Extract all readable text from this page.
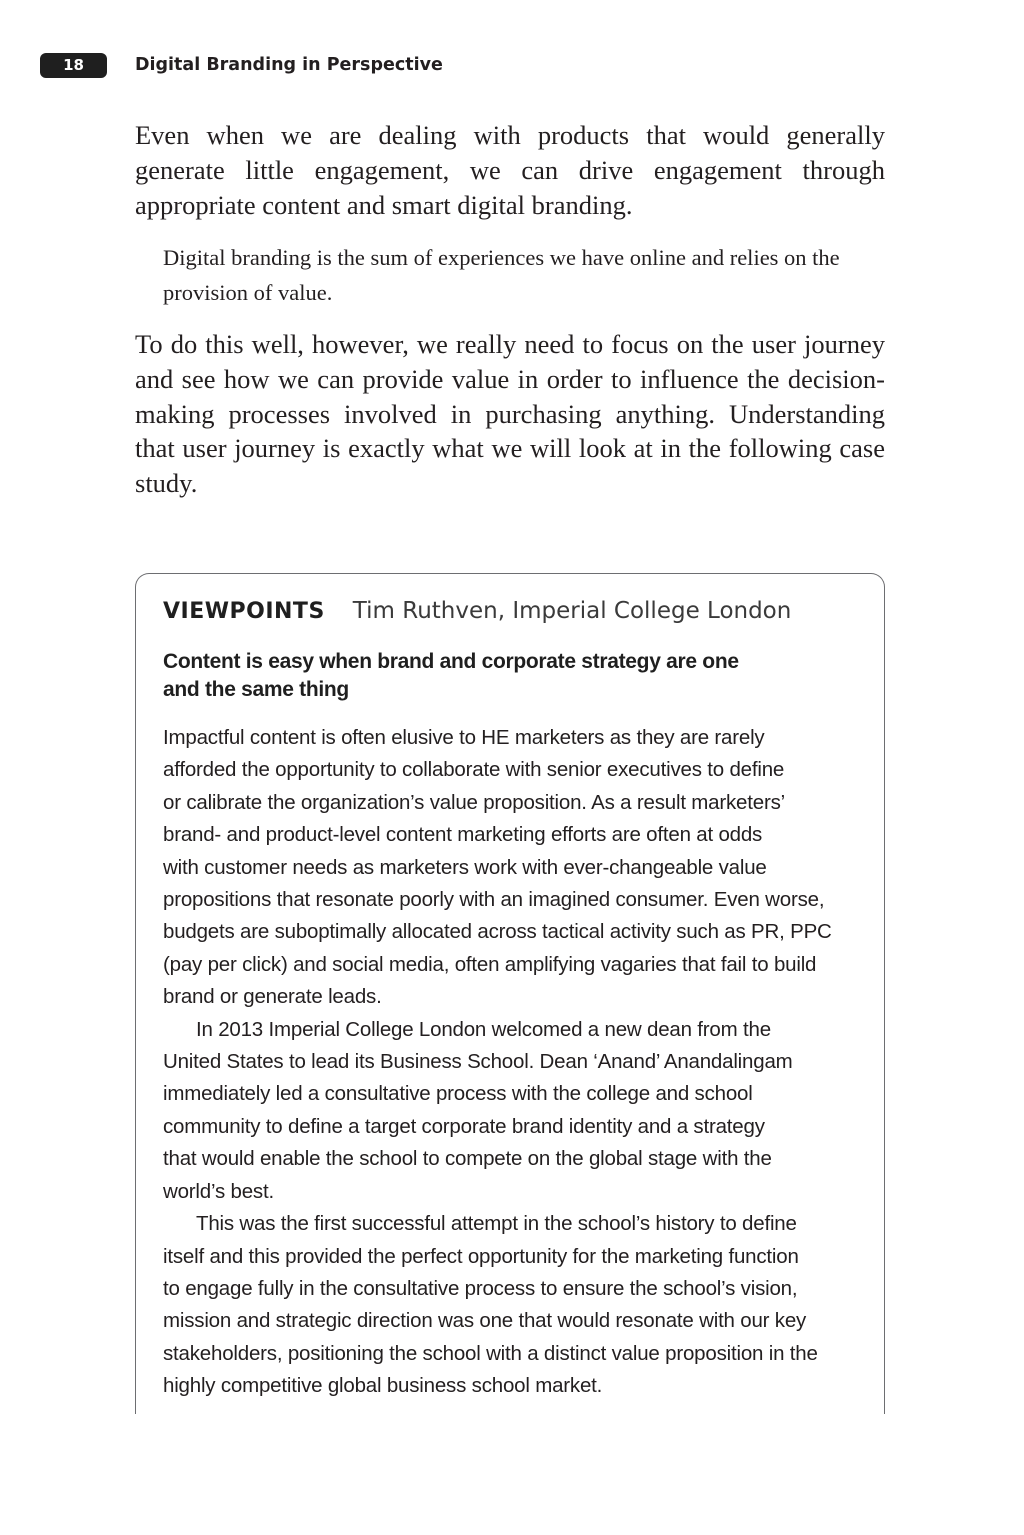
18	Digital Branding in Perspective

Even when we are dealing with products that would generally generate little engagement, we can drive engagement through appropriate content and smart digital branding.

Digital branding is the sum of experiences we have online and relies on the provision of value.

To do this well, however, we really need to focus on the user journey and see how we can provide value in order to influence the decision-making processes involved in purchasing anything. Understanding that user journey is exactly what we will look at in the following case study.

VIEWPOINTS Tim Ruthven, Imperial College London
Content is easy when brand and corporate strategy are one
and the same thing

Impactful content is often elusive to HE marketers as they are rarely
afforded the opportunity to collaborate with senior executives to define
or calibrate the organization’s value proposition. As a result marketers’
brand- and product-level content marketing efforts are often at odds
with customer needs as marketers work with ever-changeable value
propositions that resonate poorly with an imagined consumer. Even worse,
budgets are suboptimally allocated across tactical activity such as PR, PPC
(pay per click) and social media, often amplifying vagaries that fail to build
brand or generate leads.

In 2013 Imperial College London welcomed a new dean from the
United States to lead its Business School. Dean ‘Anand’ Anandalingam
immediately led a consultative process with the college and school
community to define a target corporate brand identity and a strategy
that would enable the school to compete on the global stage with the
world’s best.

This was the first successful attempt in the school’s history to define
itself and this provided the perfect opportunity for the marketing function
to engage fully in the consultative process to ensure the school’s vision,
mission and strategic direction was one that would resonate with our key
stakeholders, positioning the school with a distinct value proposition in the
highly competitive global business school market.
